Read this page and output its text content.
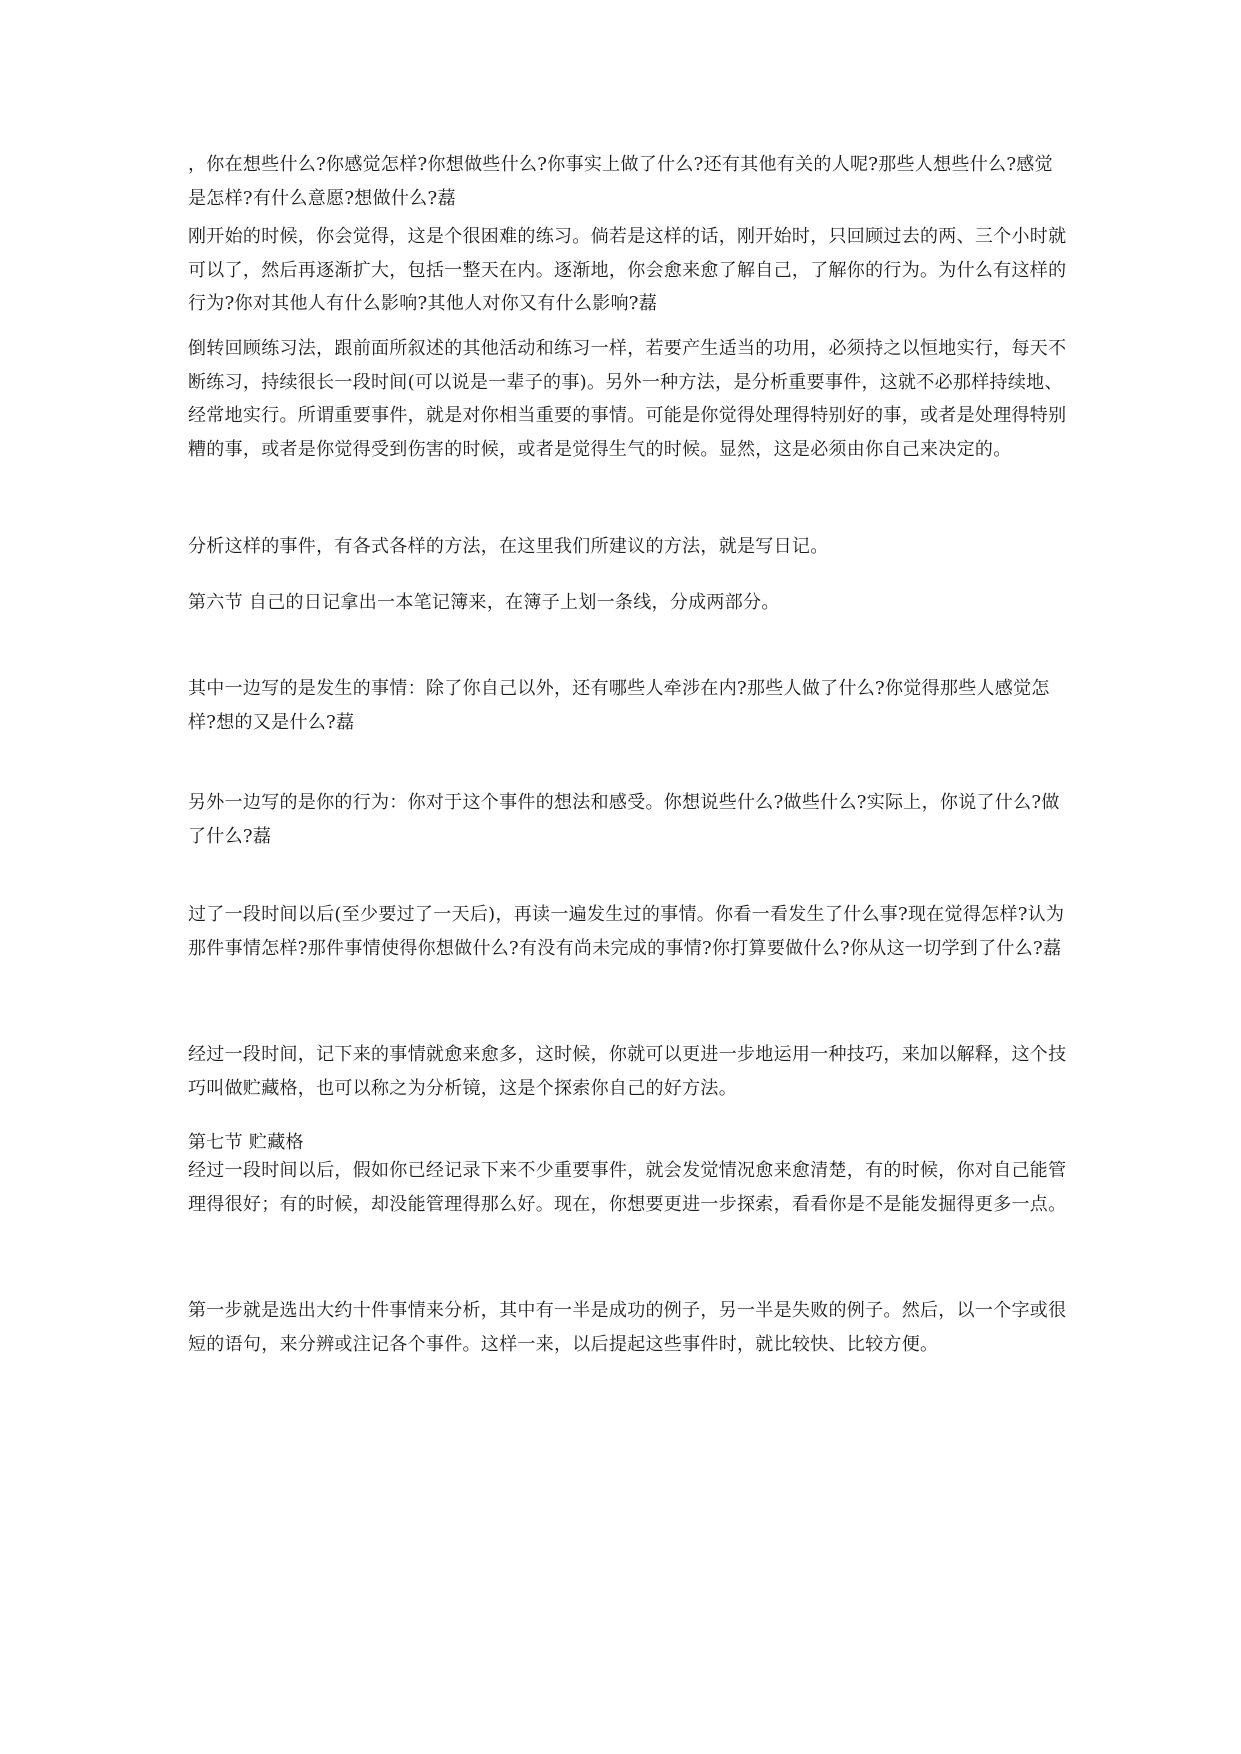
，你在想些什么?你感觉怎样?你想做些什么?你事实上做了什么?还有其他有关的人呢?那些人想些什么?感觉是怎样?有什么意愿?想做什么?藞

刚开始的时候，你会觉得，这是个很困难的练习。倘若是这样的话，刚开始时，只回顾过去的两、三个小时就可以了，然后再逐渐扩大，包括一整天在内。逐渐地，你会愈来愈了解自己，了解你的行为。为什么有这样的行为?你对其他人有什么影响?其他人对你又有什么影响?藞

倒转回顾练习法，跟前面所叙述的其他活动和练习一样，若要产生适当的功用，必须持之以恒地实行，每天不断练习，持续很长一段时间(可以说是一辈子的事)。另外一种方法，是分析重要事件，这就不必那样持续地、经常地实行。所谓重要事件，就是对你相当重要的事情。可能是你觉得处理得特别好的事，或者是处理得特别糟的事，或者是你觉得受到伤害的时候，或者是觉得生气的时候。显然，这是必须由你自己来决定的。

分析这样的事件，有各式各样的方法，在这里我们所建议的方法，就是写日记。

第六节 自己的日记拿出一本笔记簿来，在簿子上划一条线，分成两部分。

其中一边写的是发生的事情：除了你自己以外，还有哪些人牵涉在内?那些人做了什么?你觉得那些人感觉怎样?想的又是什么?藞

另外一边写的是你的行为：你对于这个事件的想法和感受。你想说些什么?做些什么?实际上，你说了什么?做了什么?藞

过了一段时间以后(至少要过了一天后)，再读一遍发生过的事情。你看一看发生了什么事?现在觉得怎样?认为那件事情怎样?那件事情使得你想做什么?有没有尚未完成的事情?你打算要做什么?你从这一切学到了什么?藞

经过一段时间，记下来的事情就愈来愈多，这时候，你就可以更进一步地运用一种技巧，来加以解释，这个技巧叫做贮藏格，也可以称之为分析镜，这是个探索你自己的好方法。

第七节 贮藏格

经过一段时间以后，假如你已经记录下来不少重要事件，就会发觉情况愈来愈清楚，有的时候，你对自己能管理得很好；有的时候，却没能管理得那么好。现在，你想要更进一步探索，看看你是不是能发掘得更多一点。

第一步就是选出大约十件事情来分析，其中有一半是成功的例子，另一半是失败的例子。然后，以一个字或很短的语句，来分辨或注记各个事件。这样一来，以后提起这些事件时，就比较快、比较方便。
